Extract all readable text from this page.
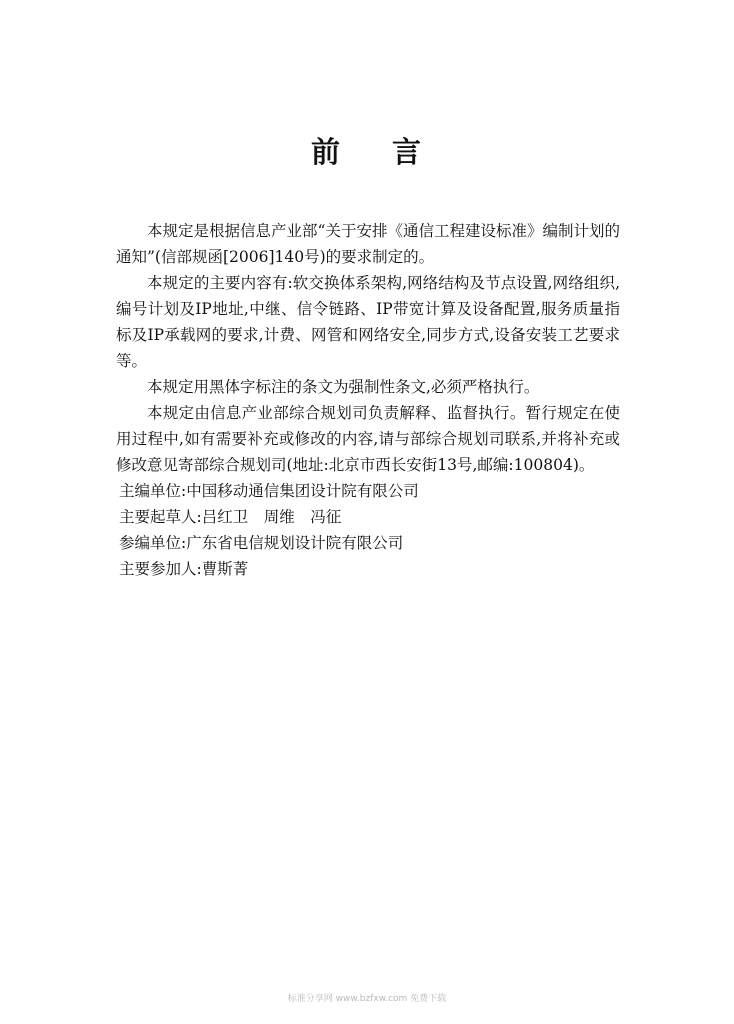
前 言

本规定是根据信息产业部“关于安排《通信工程建设标准》编制计划的通知”(信部规函[2006]140号)的要求制定的。

本规定的主要内容有:软交换体系架构,网络结构及节点设置,网络组织,编号计划及IP地址,中继、信令链路、IP带宽计算及设备配置,服务质量指标及IP承载网的要求,计费、网管和网络安全,同步方式,设备安装工艺要求等。

本规定用黑体字标注的条文为强制性条文,必须严格执行。

本规定由信息产业部综合规划司负责解释、监督执行。暂行规定在使用过程中,如有需要补充或修改的内容,请与部综合规划司联系,并将补充或修改意见寄部综合规划司(地址:北京市西长安街13号,邮编:100804)。

主编单位:中国移动通信集团设计院有限公司
主要起草人:吕红卫　周维　冯征
参编单位:广东省电信规划设计院有限公司
主要参加人:曹斯菁
标准分享网 www.bzfxw.com 免费下载
